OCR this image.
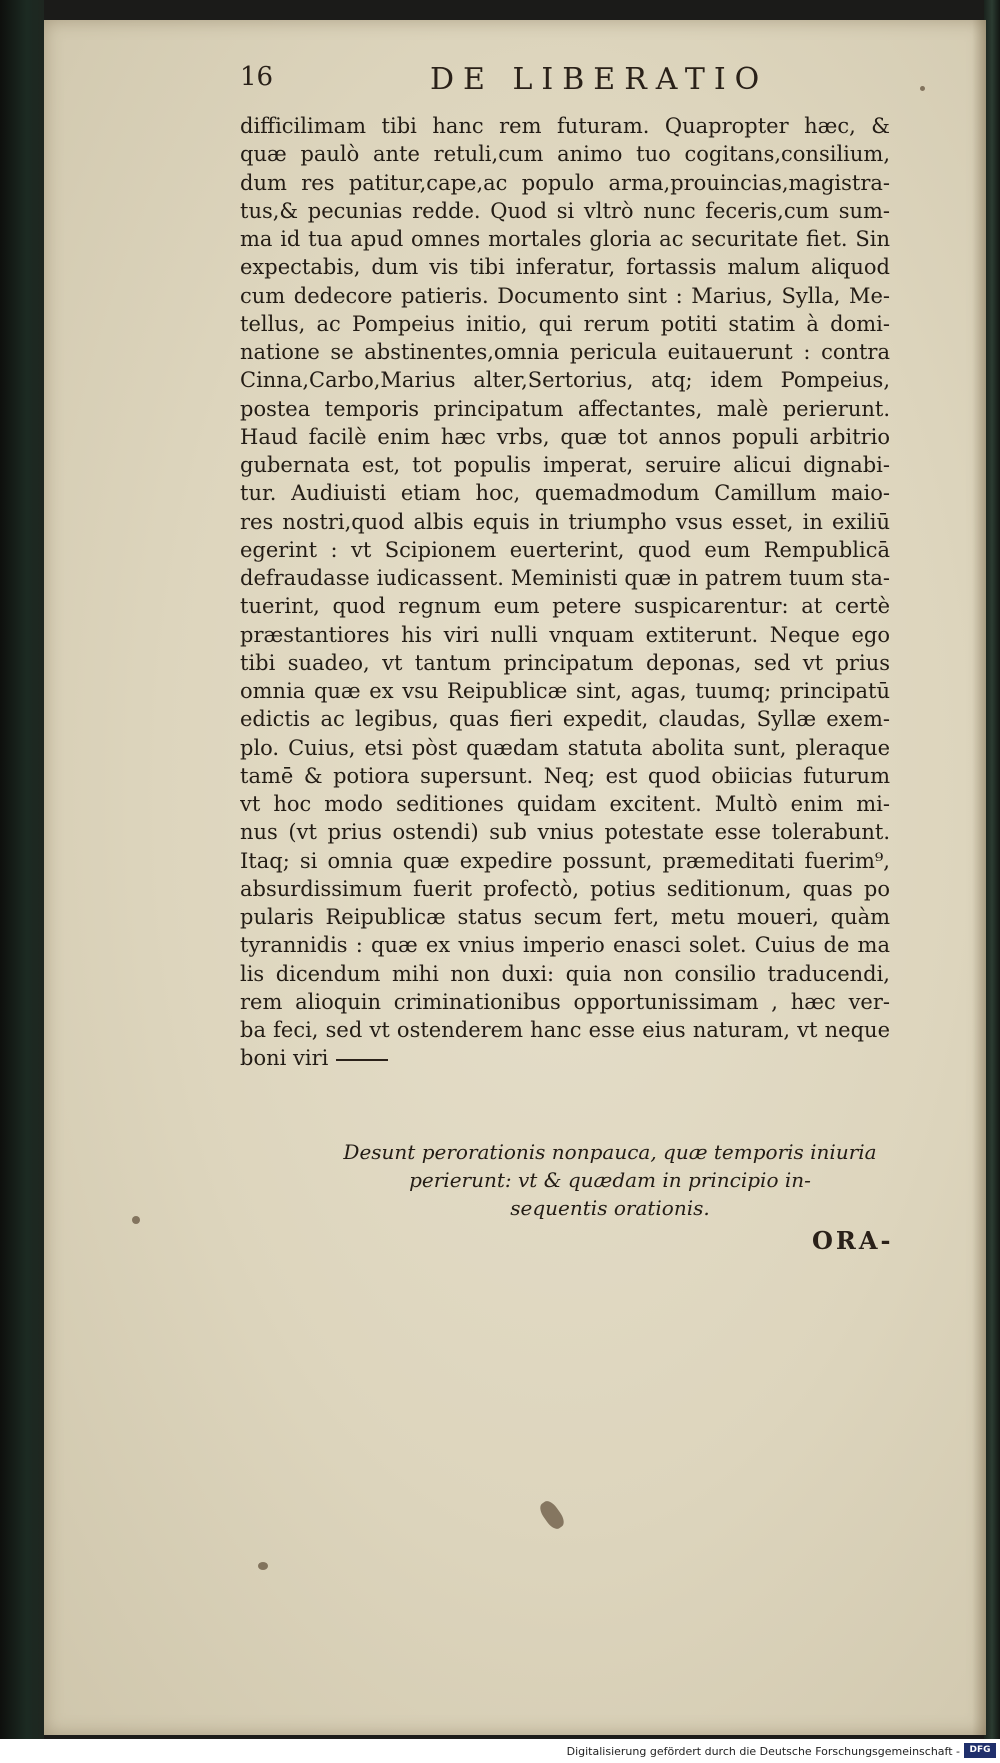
16	DE LIBERATIO
difficilimam tibi hanc rem futuram. Quapropter hæc, &
quæ paulò ante retuli,cum animo tuo cogitans,consilium,
dum res patitur,cape,ac populo arma,prouincias,magistra-
tus,& pecunias redde. Quod si vltrò nunc feceris,cum sum-
ma id tua apud omnes mortales gloria ac securitate fiet. Sin
expectabis, dum vis tibi inferatur, fortassis malum aliquod
cum dedecore patieris. Documento sint : Marius, Sylla, Me-
tellus, ac Pompeius initio, qui rerum potiti statim à domi-
natione se abstinentes,omnia pericula euitauerunt : contra
Cinna,Carbo,Marius alter,Sertorius, atq; idem Pompeius,
postea temporis principatum affectantes, malè perierunt.
Haud facilè enim hæc vrbs, quæ tot annos populi arbitrio
gubernata est, tot populis imperat, seruire alicui dignabi-
tur. Audiuisti etiam hoc, quemadmodum Camillum maio-
res nostri,quod albis equis in triumpho vsus esset, in exiliū
egerint : vt Scipionem euerterint, quod eum Rempublicā
defraudasse iudicassent. Meministi quæ in patrem tuum sta-
tuerint, quod regnum eum petere suspicarentur: at certè
præstantiores his viri nulli vnquam extiterunt. Neque ego
tibi suadeo, vt tantum principatum deponas, sed vt prius
omnia quæ ex vsu Reipublicæ sint, agas, tuumq; principatū
edictis ac legibus, quas fieri expedit, claudas, Syllæ exem-
plo. Cuius, etsi pòst quædam statuta abolita sunt, pleraque
tamē & potiora supersunt. Neq; est quod obiicias futurum
vt hoc modo seditiones quidam excitent. Multò enim mi-
nus (vt prius ostendi) sub vnius potestate esse tolerabunt.
Itaq; si omnia quæ expedire possunt, præmeditati fuerim⁹,
absurdissimum fuerit profectò, potius seditionum, quas po
pularis Reipublicæ status secum fert, metu moueri, quàm
tyrannidis : quæ ex vnius imperio enasci solet. Cuius de ma
lis dicendum mihi non duxi: quia non consilio traducendi,
rem alioquin criminationibus opportunissimam , hæc ver-
ba feci, sed vt ostenderem hanc esse eius naturam, vt neque
boni viri
Desunt perorationis nonpauca, quæ temporis iniuria
perierunt: vt & quædam in principio in-
sequentis orationis.
ORA-
Digitalisierung gefördert durch die Deutsche Forschungsgemeinschaft -	DFG
